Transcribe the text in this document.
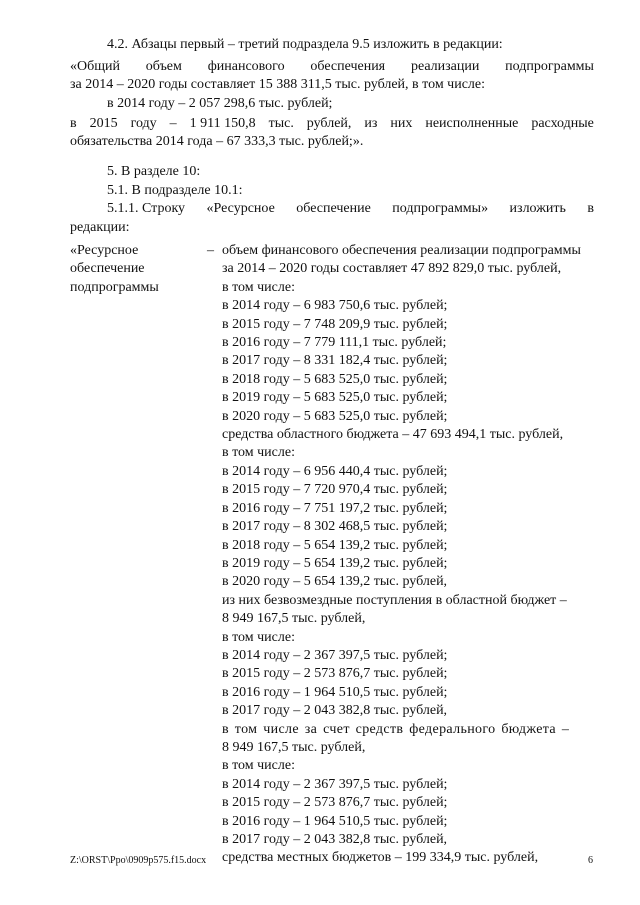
4.2. Абзацы первый – третий подраздела 9.5 изложить в редакции:
«Общий объем финансового обеспечения реализации подпрограммы
за 2014 – 2020 годы составляет 15 388 311,5 тыс. рублей, в том числе:
в 2014 году – 2 057 298,6 тыс. рублей;
в 2015 году – 1 911 150,8 тыс. рублей, из них неисполненные расходные
обязательства 2014 года – 67 333,3 тыс. рублей;».
5. В разделе 10:
5.1. В подразделе 10.1:
5.1.1. Строку «Ресурсное обеспечение подпрограммы» изложить в
редакции:
«Ресурсное
обеспечение
подпрограммы
– объем финансового обеспечения реализации подпрограммы
за 2014 – 2020 годы составляет 47 892 829,0 тыс. рублей,
в том числе:
в 2014 году – 6 983 750,6 тыс. рублей;
в 2015 году – 7 748 209,9 тыс. рублей;
в 2016 году – 7 779 111,1 тыс. рублей;
в 2017 году – 8 331 182,4 тыс. рублей;
в 2018 году – 5 683 525,0 тыс. рублей;
в 2019 году – 5 683 525,0 тыс. рублей;
в 2020 году – 5 683 525,0 тыс. рублей;
средства областного бюджета – 47 693 494,1 тыс. рублей,
в том числе:
в 2014 году – 6 956 440,4 тыс. рублей;
в 2015 году – 7 720 970,4 тыс. рублей;
в 2016 году – 7 751 197,2 тыс. рублей;
в 2017 году – 8 302 468,5 тыс. рублей;
в 2018 году – 5 654 139,2 тыс. рублей;
в 2019 году – 5 654 139,2 тыс. рублей;
в 2020 году – 5 654 139,2 тыс. рублей,
из них безвозмездные поступления в областной бюджет –
8 949 167,5 тыс. рублей,
в том числе:
в 2014 году – 2 367 397,5 тыс. рублей;
в 2015 году – 2 573 876,7 тыс. рублей;
в 2016 году – 1 964 510,5 тыс. рублей;
в 2017 году – 2 043 382,8 тыс. рублей,
в том числе за счет средств федерального бюджета –
8 949 167,5 тыс. рублей,
в том числе:
в 2014 году – 2 367 397,5 тыс. рублей;
в 2015 году – 2 573 876,7 тыс. рублей;
в 2016 году – 1 964 510,5 тыс. рублей;
в 2017 году – 2 043 382,8 тыс. рублей,
средства местных бюджетов – 199 334,9 тыс. рублей,
Z:\ORST\Ppo\0909p575.f15.docx	6
